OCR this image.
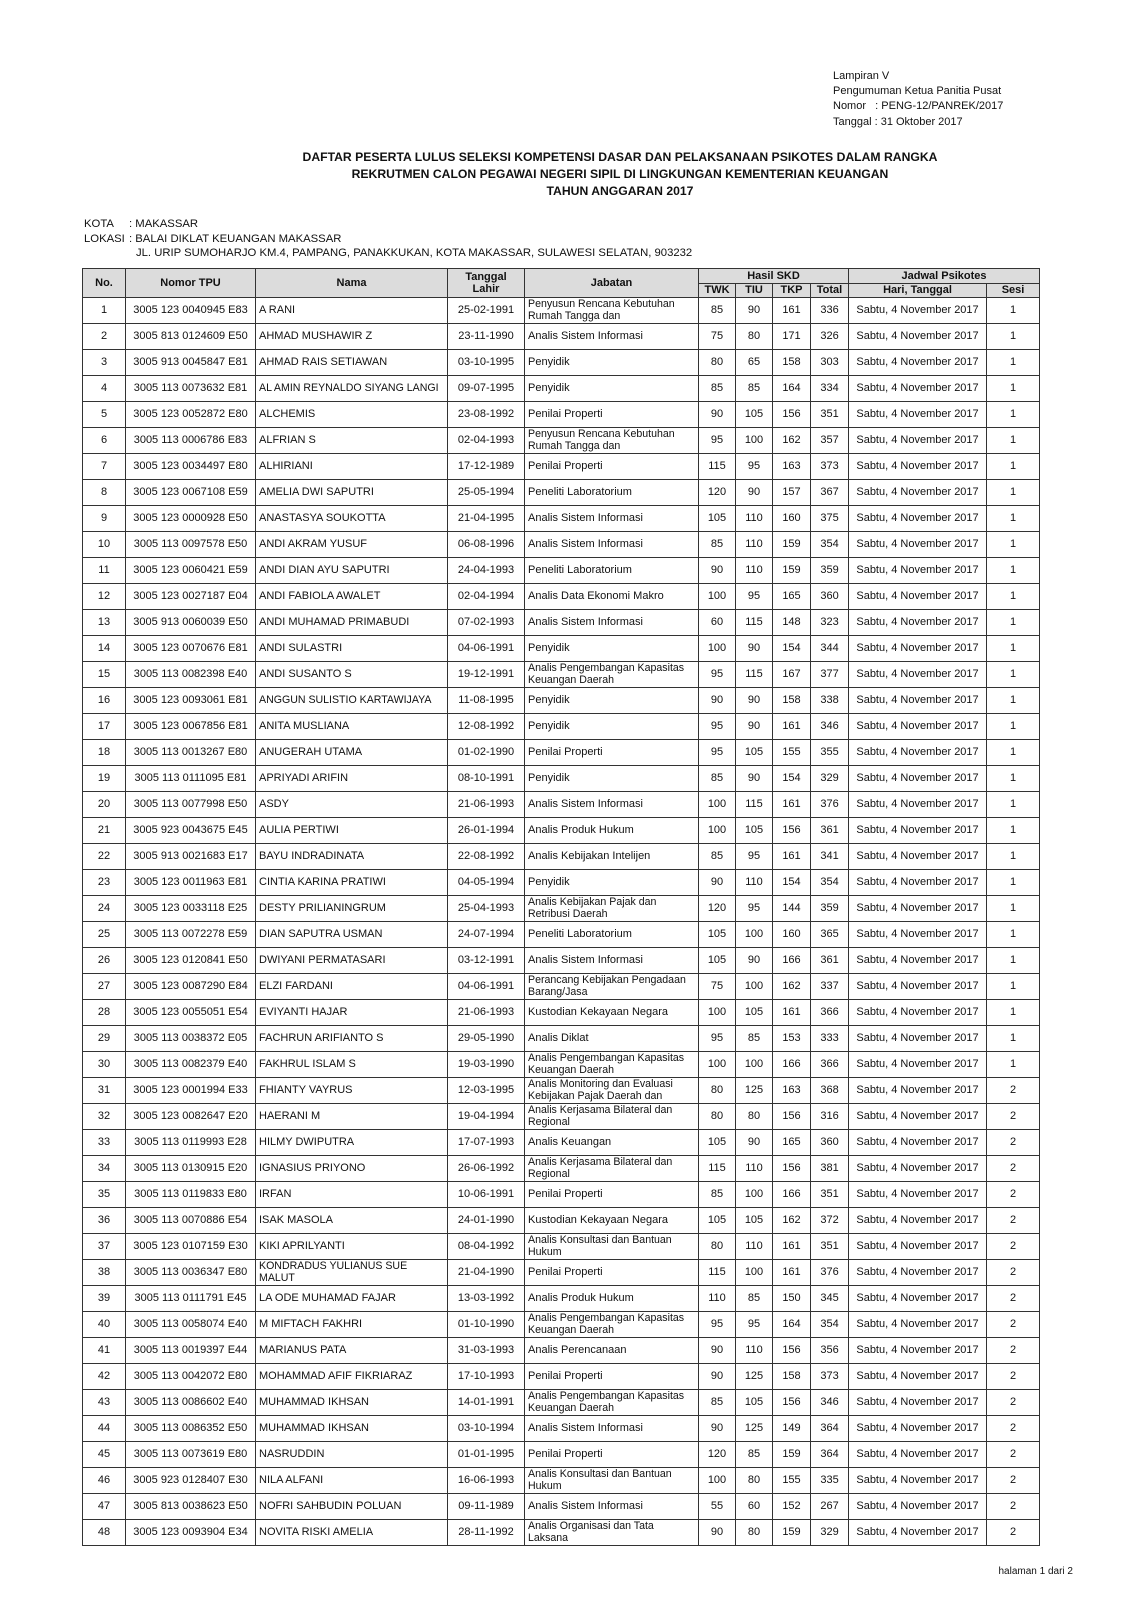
Lampiran V
Pengumuman Ketua Panitia Pusat
Nomor   : PENG-12/PANREK/2017
Tanggal : 31 Oktober 2017
DAFTAR PESERTA LULUS SELEKSI KOMPETENSI DASAR DAN PELAKSANAAN PSIKOTES DALAM RANGKA
REKRUTMEN CALON PEGAWAI NEGERI SIPIL DI LINGKUNGAN KEMENTERIAN KEUANGAN
TAHUN ANGGARAN 2017
KOTA : MAKASSAR
LOKASI : BALAI DIKLAT KEUANGAN MAKASSAR
JL. URIP SUMOHARJO KM.4, PAMPANG, PANAKKUKAN, KOTA MAKASSAR, SULAWESI SELATAN, 903232
No.	Nomor TPU	Nama	Tanggal Lahir	Jabatan	Hasil SKD				Jadwal Psikotes	
					TWK	TIU	TKP	Total	Hari, Tanggal	Sesi
1	3005 123 0040945 E83	A RANI	25-02-1991	Penyusun Rencana Kebutuhan Rumah Tangga dan	85	90	161	336	Sabtu, 4 November 2017	1
2	3005 813 0124609 E50	AHMAD MUSHAWIR Z	23-11-1990	Analis Sistem Informasi	75	80	171	326	Sabtu, 4 November 2017	1
3	3005 913 0045847 E81	AHMAD RAIS SETIAWAN	03-10-1995	Penyidik	80	65	158	303	Sabtu, 4 November 2017	1
4	3005 113 0073632 E81	AL AMIN REYNALDO SIYANG LANGI	09-07-1995	Penyidik	85	85	164	334	Sabtu, 4 November 2017	1
5	3005 123 0052872 E80	ALCHEMIS	23-08-1992	Penilai Properti	90	105	156	351	Sabtu, 4 November 2017	1
6	3005 113 0006786 E83	ALFRIAN S	02-04-1993	Penyusun Rencana Kebutuhan Rumah Tangga dan	95	100	162	357	Sabtu, 4 November 2017	1
7	3005 123 0034497 E80	ALHIRIANI	17-12-1989	Penilai Properti	115	95	163	373	Sabtu, 4 November 2017	1
8	3005 123 0067108 E59	AMELIA DWI SAPUTRI	25-05-1994	Peneliti Laboratorium	120	90	157	367	Sabtu, 4 November 2017	1
9	3005 123 0000928 E50	ANASTASYA SOUKOTTA	21-04-1995	Analis Sistem Informasi	105	110	160	375	Sabtu, 4 November 2017	1
10	3005 113 0097578 E50	ANDI AKRAM YUSUF	06-08-1996	Analis Sistem Informasi	85	110	159	354	Sabtu, 4 November 2017	1
11	3005 123 0060421 E59	ANDI DIAN AYU SAPUTRI	24-04-1993	Peneliti Laboratorium	90	110	159	359	Sabtu, 4 November 2017	1
12	3005 123 0027187 E04	ANDI FABIOLA AWALET	02-04-1994	Analis Data Ekonomi Makro	100	95	165	360	Sabtu, 4 November 2017	1
13	3005 913 0060039 E50	ANDI MUHAMAD PRIMABUDI	07-02-1993	Analis Sistem Informasi	60	115	148	323	Sabtu, 4 November 2017	1
14	3005 123 0070676 E81	ANDI SULASTRI	04-06-1991	Penyidik	100	90	154	344	Sabtu, 4 November 2017	1
15	3005 113 0082398 E40	ANDI SUSANTO S	19-12-1991	Analis Pengembangan Kapasitas Keuangan Daerah	95	115	167	377	Sabtu, 4 November 2017	1
16	3005 123 0093061 E81	ANGGUN SULISTIO KARTAWIJAYA	11-08-1995	Penyidik	90	90	158	338	Sabtu, 4 November 2017	1
17	3005 123 0067856 E81	ANITA MUSLIANA	12-08-1992	Penyidik	95	90	161	346	Sabtu, 4 November 2017	1
18	3005 113 0013267 E80	ANUGERAH UTAMA	01-02-1990	Penilai Properti	95	105	155	355	Sabtu, 4 November 2017	1
19	3005 113 0111095 E81	APRIYADI ARIFIN	08-10-1991	Penyidik	85	90	154	329	Sabtu, 4 November 2017	1
20	3005 113 0077998 E50	ASDY	21-06-1993	Analis Sistem Informasi	100	115	161	376	Sabtu, 4 November 2017	1
21	3005 923 0043675 E45	AULIA PERTIWI	26-01-1994	Analis Produk Hukum	100	105	156	361	Sabtu, 4 November 2017	1
22	3005 913 0021683 E17	BAYU INDRADINATA	22-08-1992	Analis Kebijakan Intelijen	85	95	161	341	Sabtu, 4 November 2017	1
23	3005 123 0011963 E81	CINTIA KARINA PRATIWI	04-05-1994	Penyidik	90	110	154	354	Sabtu, 4 November 2017	1
24	3005 123 0033118 E25	DESTY PRILIANINGRUM	25-04-1993	Analis Kebijakan Pajak dan Retribusi Daerah	120	95	144	359	Sabtu, 4 November 2017	1
25	3005 113 0072278 E59	DIAN SAPUTRA USMAN	24-07-1994	Peneliti Laboratorium	105	100	160	365	Sabtu, 4 November 2017	1
26	3005 123 0120841 E50	DWIYANI PERMATASARI	03-12-1991	Analis Sistem Informasi	105	90	166	361	Sabtu, 4 November 2017	1
27	3005 123 0087290 E84	ELZI FARDANI	04-06-1991	Perancang Kebijakan Pengadaan Barang/Jasa	75	100	162	337	Sabtu, 4 November 2017	1
28	3005 123 0055051 E54	EVIYANTI HAJAR	21-06-1993	Kustodian Kekayaan Negara	100	105	161	366	Sabtu, 4 November 2017	1
29	3005 113 0038372 E05	FACHRUN ARIFIANTO S	29-05-1990	Analis Diklat	95	85	153	333	Sabtu, 4 November 2017	1
30	3005 113 0082379 E40	FAKHRUL ISLAM S	19-03-1990	Analis Pengembangan Kapasitas Keuangan Daerah	100	100	166	366	Sabtu, 4 November 2017	1
31	3005 123 0001994 E33	FHIANTY VAYRUS	12-03-1995	Analis Monitoring dan Evaluasi Kebijakan Pajak Daerah dan	80	125	163	368	Sabtu, 4 November 2017	2
32	3005 123 0082647 E20	HAERANI M	19-04-1994	Analis Kerjasama Bilateral dan Regional	80	80	156	316	Sabtu, 4 November 2017	2
33	3005 113 0119993 E28	HILMY DWIPUTRA	17-07-1993	Analis Keuangan	105	90	165	360	Sabtu, 4 November 2017	2
34	3005 113 0130915 E20	IGNASIUS PRIYONO	26-06-1992	Analis Kerjasama Bilateral dan Regional	115	110	156	381	Sabtu, 4 November 2017	2
35	3005 113 0119833 E80	IRFAN	10-06-1991	Penilai Properti	85	100	166	351	Sabtu, 4 November 2017	2
36	3005 113 0070886 E54	ISAK MASOLA	24-01-1990	Kustodian Kekayaan Negara	105	105	162	372	Sabtu, 4 November 2017	2
37	3005 123 0107159 E30	KIKI APRILYANTI	08-04-1992	Analis Konsultasi dan Bantuan Hukum	80	110	161	351	Sabtu, 4 November 2017	2
38	3005 113 0036347 E80	KONDRADUS YULIANUS SUE MALUT	21-04-1990	Penilai Properti	115	100	161	376	Sabtu, 4 November 2017	2
39	3005 113 0111791 E45	LA ODE MUHAMAD FAJAR	13-03-1992	Analis Produk Hukum	110	85	150	345	Sabtu, 4 November 2017	2
40	3005 113 0058074 E40	M MIFTACH FAKHRI	01-10-1990	Analis Pengembangan Kapasitas Keuangan Daerah	95	95	164	354	Sabtu, 4 November 2017	2
41	3005 113 0019397 E44	MARIANUS PATA	31-03-1993	Analis Perencanaan	90	110	156	356	Sabtu, 4 November 2017	2
42	3005 113 0042072 E80	MOHAMMAD AFIF FIKRIARAZ	17-10-1993	Penilai Properti	90	125	158	373	Sabtu, 4 November 2017	2
43	3005 113 0086602 E40	MUHAMMAD IKHSAN	14-01-1991	Analis Pengembangan Kapasitas Keuangan Daerah	85	105	156	346	Sabtu, 4 November 2017	2
44	3005 113 0086352 E50	MUHAMMAD IKHSAN	03-10-1994	Analis Sistem Informasi	90	125	149	364	Sabtu, 4 November 2017	2
45	3005 113 0073619 E80	NASRUDDIN	01-01-1995	Penilai Properti	120	85	159	364	Sabtu, 4 November 2017	2
46	3005 923 0128407 E30	NILA ALFANI	16-06-1993	Analis Konsultasi dan Bantuan Hukum	100	80	155	335	Sabtu, 4 November 2017	2
47	3005 813 0038623 E50	NOFRI SAHBUDIN POLUAN	09-11-1989	Analis Sistem Informasi	55	60	152	267	Sabtu, 4 November 2017	2
48	3005 123 0093904 E34	NOVITA RISKI AMELIA	28-11-1992	Analis Organisasi dan Tata Laksana	90	80	159	329	Sabtu, 4 November 2017	2
halaman 1 dari 2
